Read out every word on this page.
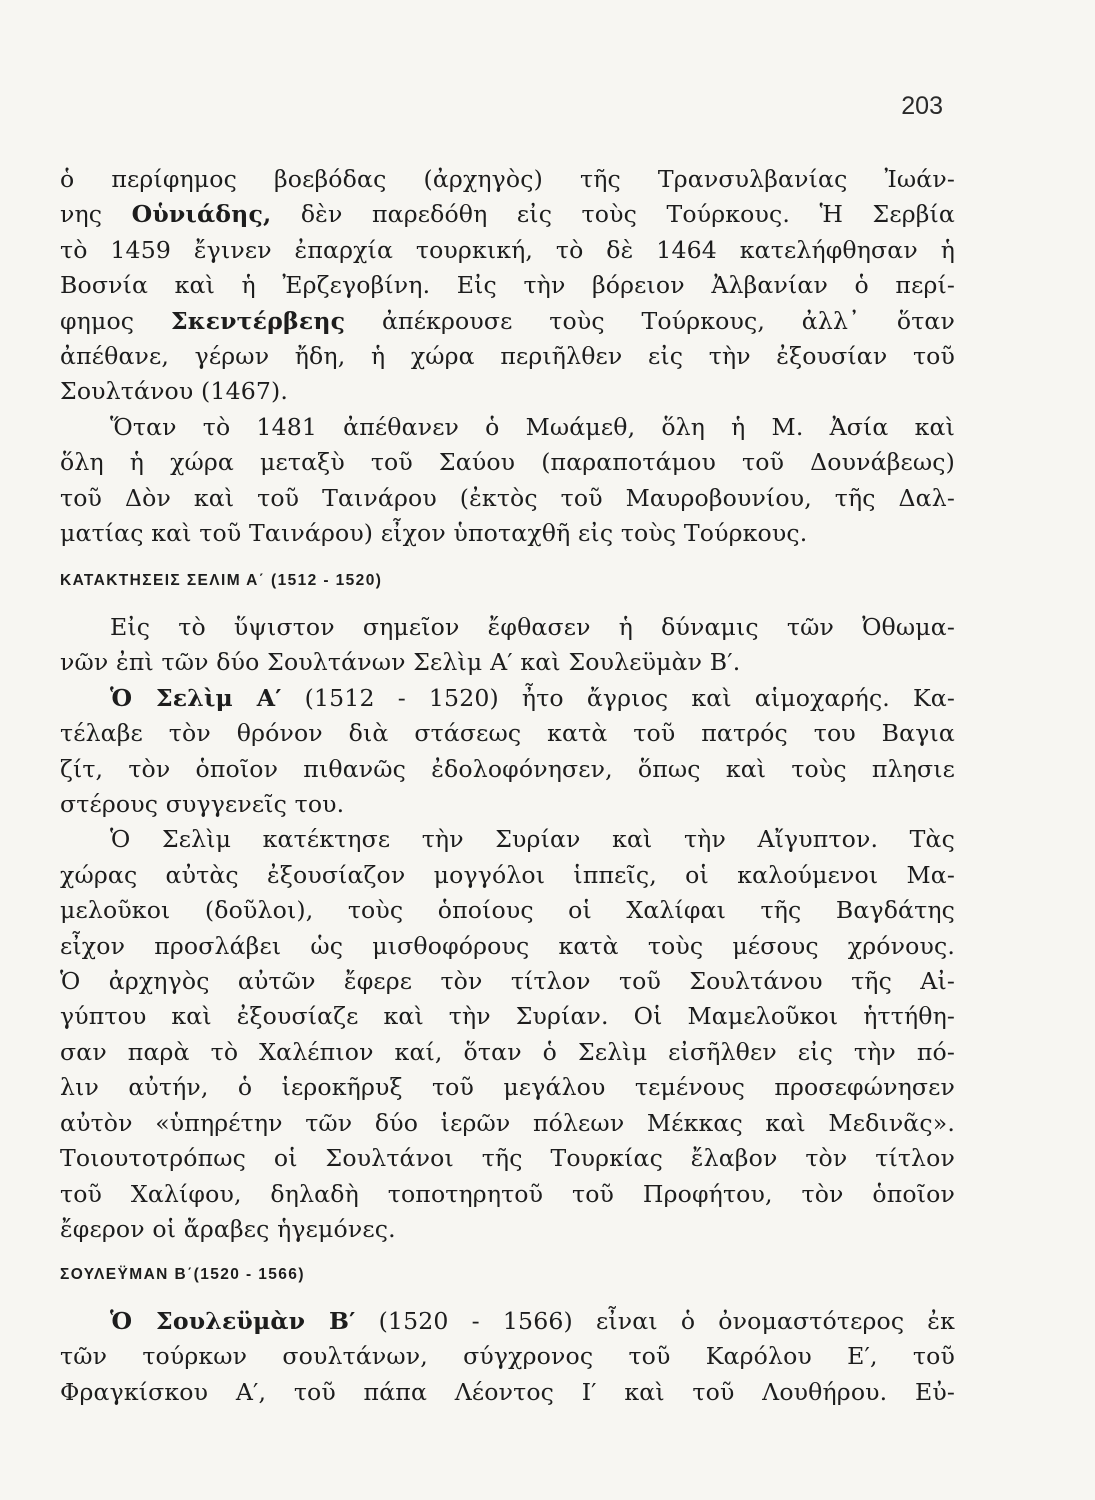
203
ὁ περίφημος βοεβόδας (ἀρχηγὸς) τῆς Τρανσυλβανίας Ἰωάν-
νης Οὑνιάδης, δὲν παρεδόθη εἰς τοὺς Τούρκους. Ἡ Σερβία
τὸ 1459 ἔγινεν ἐπαρχία τουρκική, τὸ δὲ 1464 κατελήφθησαν ἡ
Βοσνία καὶ ἡ Ἐρζεγοβίνη. Εἰς τὴν βόρειον Ἀλβανίαν ὁ περί-
φημος Σκεντέρβεης ἀπέκρουσε τοὺς Τούρκους, ἀλλ᾿ ὅταν
ἀπέθανε, γέρων ἤδη, ἡ χώρα περιῆλθεν εἰς τὴν ἐξουσίαν τοῦ
Σουλτάνου (1467).
Ὅταν τὸ 1481 ἀπέθανεν ὁ Μωάμεθ, ὅλη ἡ Μ. Ἀσία καὶ
ὅλη ἡ χώρα μεταξὺ τοῦ Σαύου (παραποτάμου τοῦ Δουνάβεως)
τοῦ Δὸν καὶ τοῦ Ταινάρου (ἐκτὸς τοῦ Μαυροβουνίου, τῆς Δαλ-
ματίας καὶ τοῦ Ταινάρου) εἶχον ὑποταχθῆ εἰς τοὺς Τούρκους.
ΚΑΤΑΚΤΗΣΕΙΣ ΣΕΛΙΜ Α΄ (1512 - 1520)
Εἰς τὸ ὕψιστον σημεῖον ἔφθασεν ἡ δύναμις τῶν Ὀθωμα-
νῶν ἐπὶ τῶν δύο Σουλτάνων Σελὶμ Α′ καὶ Σουλεϋμὰν Β′.
Ὁ Σελὶμ Α′ (1512 - 1520) ἦτο ἄγριος καὶ αἱμοχαρής. Κα-
τέλαβε τὸν θρόνον διὰ στάσεως κατὰ τοῦ πατρός του Βαγια
ζίτ, τὸν ὁποῖον πιθανῶς ἐδολοφόνησεν, ὅπως καὶ τοὺς πλησιε
στέρους συγγενεῖς του.
Ὁ Σελὶμ κατέκτησε τὴν Συρίαν καὶ τὴν Αἴγυπτον. Τὰς
χώρας αὐτὰς ἐξουσίαζον μογγόλοι ἱππεῖς, οἱ καλούμενοι Μα-
μελοῦκοι (δοῦλοι), τοὺς ὁποίους οἱ Χαλίφαι τῆς Βαγδάτης
εἶχον προσλάβει ὡς μισθοφόρους κατὰ τοὺς μέσους χρόνους.
Ὁ ἀρχηγὸς αὐτῶν ἔφερε τὸν τίτλον τοῦ Σουλτάνου τῆς Αἰ-
γύπτου καὶ ἐξουσίαζε καὶ τὴν Συρίαν. Οἱ Μαμελοῦκοι ἡττήθη-
σαν παρὰ τὸ Χαλέπιον καί, ὅταν ὁ Σελὶμ εἰσῆλθεν εἰς τὴν πό-
λιν αὐτήν, ὁ ἱεροκῆρυξ τοῦ μεγάλου τεμένους προσεφώνησεν
αὐτὸν «ὑπηρέτην τῶν δύο ἱερῶν πόλεων Μέκκας καὶ Μεδινᾶς».
Τοιουτοτρόπως οἱ Σουλτάνοι τῆς Τουρκίας ἔλαβον τὸν τίτλον
τοῦ Χαλίφου, δηλαδὴ τοποτηρητοῦ τοῦ Προφήτου, τὸν ὁποῖον
ἔφερον οἱ ἄραβες ἡγεμόνες.
ΣΟΥΛΕΫΜΑΝ Β΄(1520 - 1566)
Ὁ Σουλεϋμὰν Β′ (1520 - 1566) εἶναι ὁ ὀνομαστότερος ἐκ
τῶν τούρκων σουλτάνων, σύγχρονος τοῦ Καρόλου Ε′, τοῦ
Φραγκίσκου Α′, τοῦ πάπα Λέοντος Ι′ καὶ τοῦ Λουθήρου. Εὐ-
